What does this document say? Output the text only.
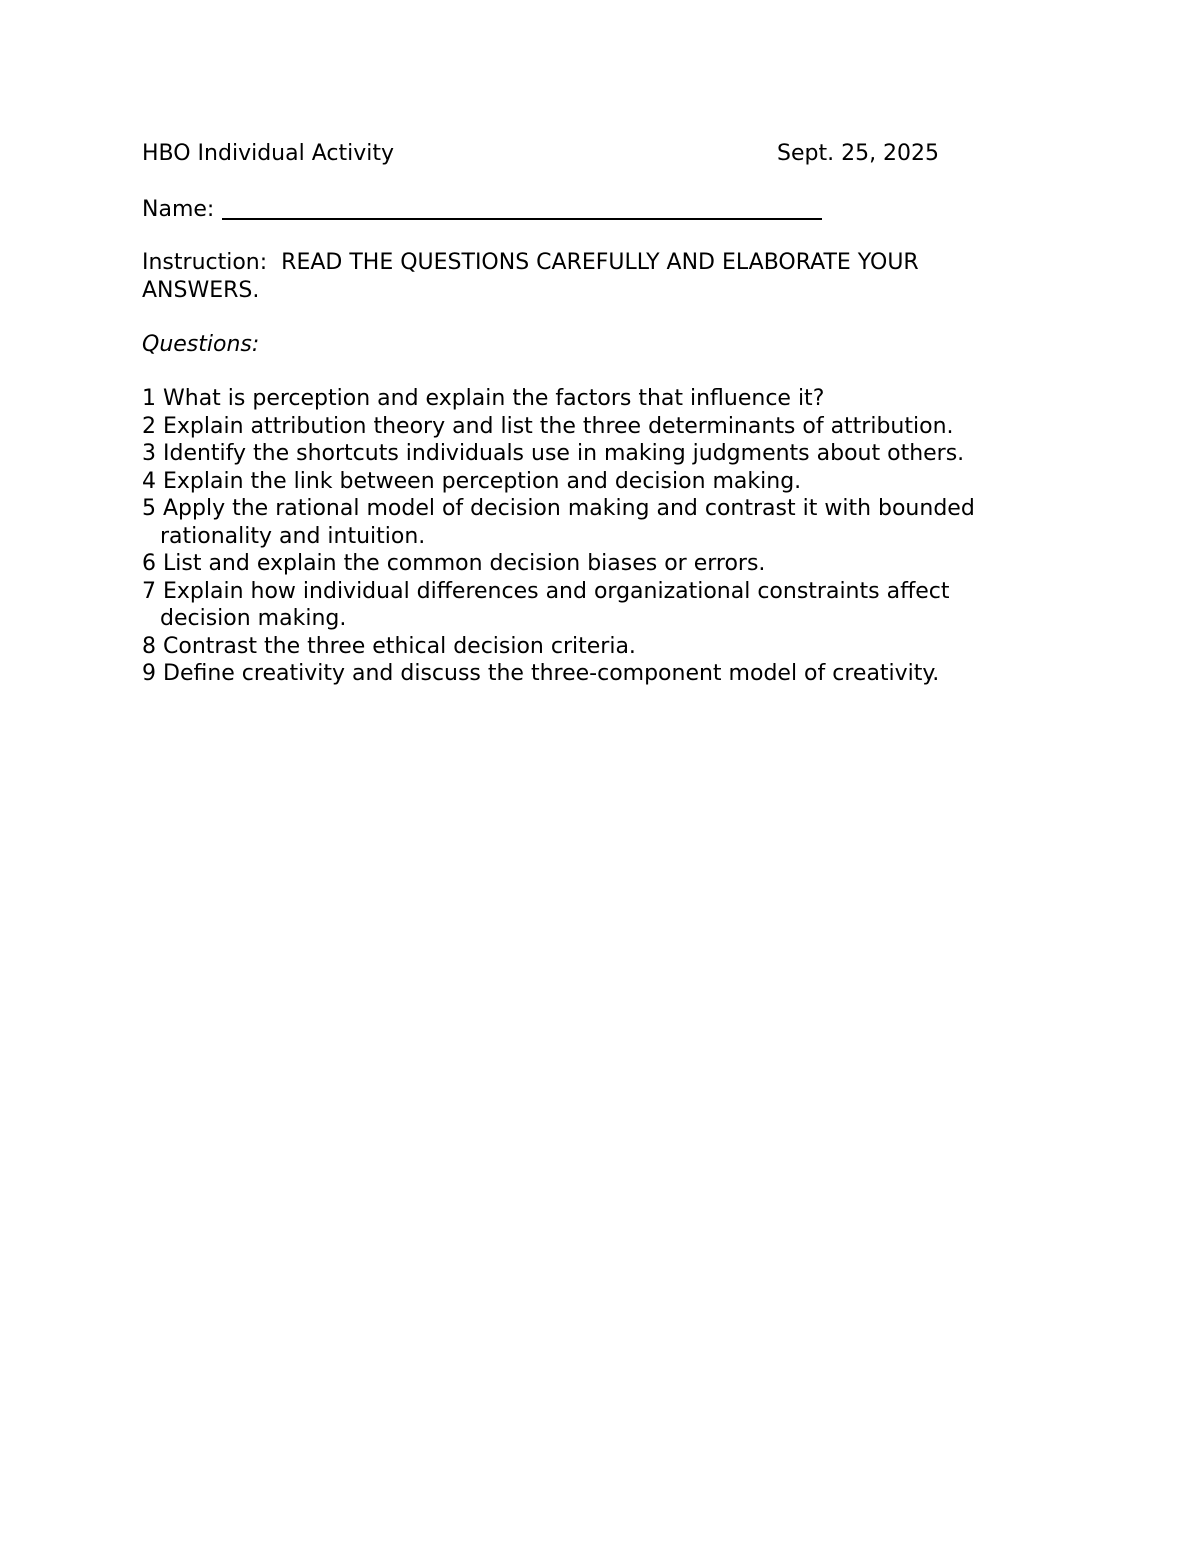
HBO Individual Activity	Sept. 25, 2025
Name:
Instruction: READ THE QUESTIONS CAREFULLY AND ELABORATE YOUR ANSWERS.
Questions:
1 What is perception and explain the factors that influence it?
2 Explain attribution theory and list the three determinants of attribution.
3 Identify the shortcuts individuals use in making judgments about others.
4 Explain the link between perception and decision making.
5 Apply the rational model of decision making and contrast it with bounded rationality and intuition.
6 List and explain the common decision biases or errors.
7 Explain how individual differences and organizational constraints affect decision making.
8 Contrast the three ethical decision criteria.
9 Define creativity and discuss the three-component model of creativity.
